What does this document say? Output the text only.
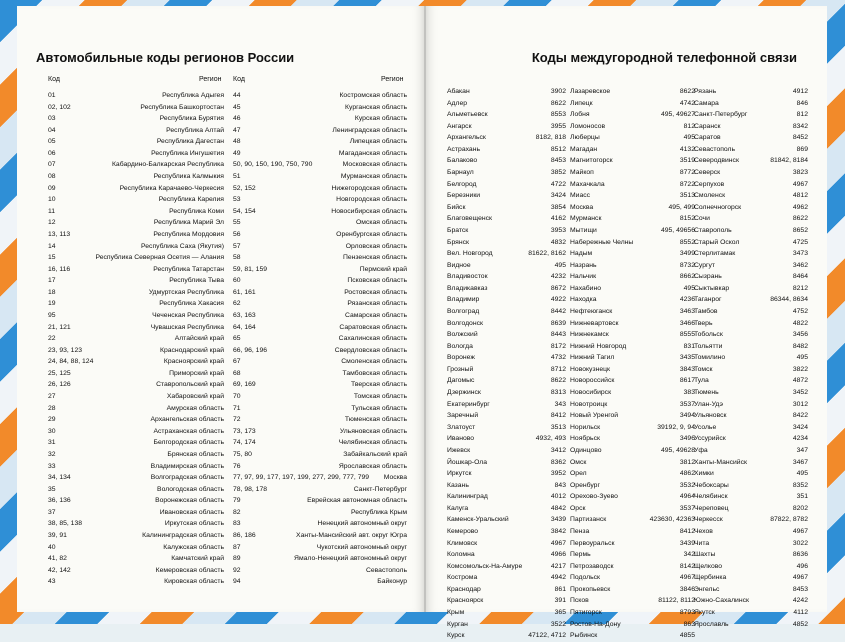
Автомобильные коды регионов России
Код	Регион Код	Регион
01	Республика Адыгея
02, 102	Республика Башкортостан
03	Республика Бурятия
04	Республика Алтай
05	Республика Дагестан
06	Республика Ингушетия
07	Кабардино-Балкарская Республика
08	Республика Калмыкия
09	Республика Карачаево-Черкесия
10	Республика Карелия
11	Республика Коми
12	Республика Марий Эл
13, 113	Республика Мордовия
14	Республика Саха (Якутия)
15	Республика Северная Осетия — Алания
16, 116	Республика Татарстан
17	Республика Тыва
18	Удмуртская Республика
19	Республика Хакасия
95	Чеченская Республика
21, 121	Чувашская Республика
22	Алтайский край
23, 93, 123	Краснодарский край
24, 84, 88, 124	Красноярский край
25, 125	Приморский край
26, 126	Ставропольский край
27	Хабаровский край
28	Амурская область
29	Архангельская область
30	Астраханская область
31	Белгородская область
32	Брянская область
33	Владимирская область
34, 134	Волгоградская область
35	Вологодская область
36, 136	Воронежская область
37	Ивановская область
38, 85, 138	Иркутская область
39, 91	Калининградская область
40	Калужская область
41, 82	Камчатский край
42, 142	Кемеровская область
43	Кировская область
44	Костромская область
45	Курганская область
46	Курская область
47	Ленинградская область
48	Липецкая область
49	Магаданская область
50, 90, 150, 190, 750, 790	Московская область
51	Мурманская область
52, 152	Нижегородская область
53	Новгородская область
54, 154	Новосибирская область
55	Омская область
56	Оренбургская область
57	Орловская область
58	Пензенская область
59, 81, 159	Пермский край
60	Псковская область
61, 161	Ростовская область
62	Рязанская область
63, 163	Самарская область
64, 164	Саратовская область
65	Сахалинская область
66, 96, 196	Свердловская область
67	Смоленская область
68	Тамбовская область
69, 169	Тверская область
70	Томская область
71	Тульская область
72	Тюменская область
73, 173	Ульяновская область
74, 174	Челябинская область
75, 80	Забайкальский край
76	Ярославская область
77, 97, 99, 177, 197, 199, 277, 299, 777, 799	Москва
78, 98, 178	Санкт-Петербург
79	Еврейская автономная область
82	Республика Крым
83	Ненецкий автономный округ
86, 186	Ханты-Мансийский авт. округ Югра
87	Чукотский автономный округ
89	Ямало-Ненецкий автономный округ
92	Севастополь
94	Байконур
Коды междугородной телефонной связи
Абакан	3902
Адлер	8622
Альметьевск	8553
Ангарск	3955
Архангельск	8182, 818
Астрахань	8512
Балаково	8453
Барнаул	3852
Белгород	4722
Березники	3424
Бийск	3854
Благовещенск	4162
Братск	3953
Брянск	4832
Вел. Новгород	81622, 8162
Видное	495
Владивосток	4232
Владикавказ	8672
Владимир	4922
Волгоград	8442
Волгодонск	8639
Волжский	8443
Вологда	8172
Воронеж	4732
Грозный	8712
Дагомыс	8622
Дзержинск	8313
Екатеринбург	343
Заречный	8412
Златоуст	3513
Иваново	4932, 493
Ижевск	3412
Йошкар-Ола	8362
Иркутск	3952
Казань	843
Калининград	4012
Калуга	4842
Каменск-Уральский	3439
Кемерово	3842
Климовск	4967
Коломна	4966
Комсомольск-На-Амуре	4217
Кострома	4942
Краснодар	861
Красноярск	391
Крым	365
Курган	3522
Курск	47122, 4712
Лазаревское	8622
Липецк	4742
Лобня	495, 49627
Ломоносов	812
Люберцы	495
Магадан	4132
Магнитогорск	3519
Майкоп	8772
Махачкала	8722
Миасс	3513
Москва	495, 499
Мурманск	8152
Мытищи	495, 49656
Набережные Челны	8552
Надым	3499
Назрань	8732
Нальчик	8662
Нахабино	495
Находка	4236
Нефтеюганск	3463
Нижневартовск	3466
Нижнекамск	8555
Нижний Новгород	831
Нижний Тагил	3435
Новокузнецк	3843
Новороссийск	8617
Новосибирск	383
Новотроицк	3537
Новый Уренгой	3494
Норильск	39192, 9, 94
Ноябрьск	3496
Одинцово	495, 49628
Омск	3812
Орел	4862
Оренбург	3532
Орехово-Зуево	4964
Орск	3537
Партизанск	423630, 42363
Пенза	8412
Первоуральск	3439
Пермь	342
Петрозаводск	8142
Подольск	4967
Прокопьевск	3846
Псков	81122, 8112
Пятигорск	8793
Ростов-На-Дону	863
Рыбинск	4855
Рязань	4912
Самара	846
Санкт-Петербург	812
Саранск	8342
Саратов	8452
Севастополь	869
Северодвинск	81842, 8184
Северск	3823
Серпухов	4967
Смоленск	4812
Солнечногорск	4962
Сочи	8622
Ставрополь	8652
Старый Оскол	4725
Стерлитамак	3473
Сургут	3462
Сызрань	8464
Сыктывкар	8212
Таганрог	86344, 8634
Тамбов	4752
Тверь	4822
Тобольск	3456
Тольятти	8482
Томилино	495
Томск	3822
Тула	4872
Тюмень	3452
Улан-Удэ	3012
Ульяновск	8422
Усолье	3424
Уссурийск	4234
Уфа	347
Ханты-Мансийск	3467
Химки	495
Чебоксары	8352
Челябинск	351
Череповец	8202
Черкесск	87822, 8782
Чехов	4967
Чита	3022
Шахты	8636
Щелково	496
Щербинка	4967
Энгельс	8453
Южно-Сахалинск	4242
Якутск	4112
Ярославль	4852
